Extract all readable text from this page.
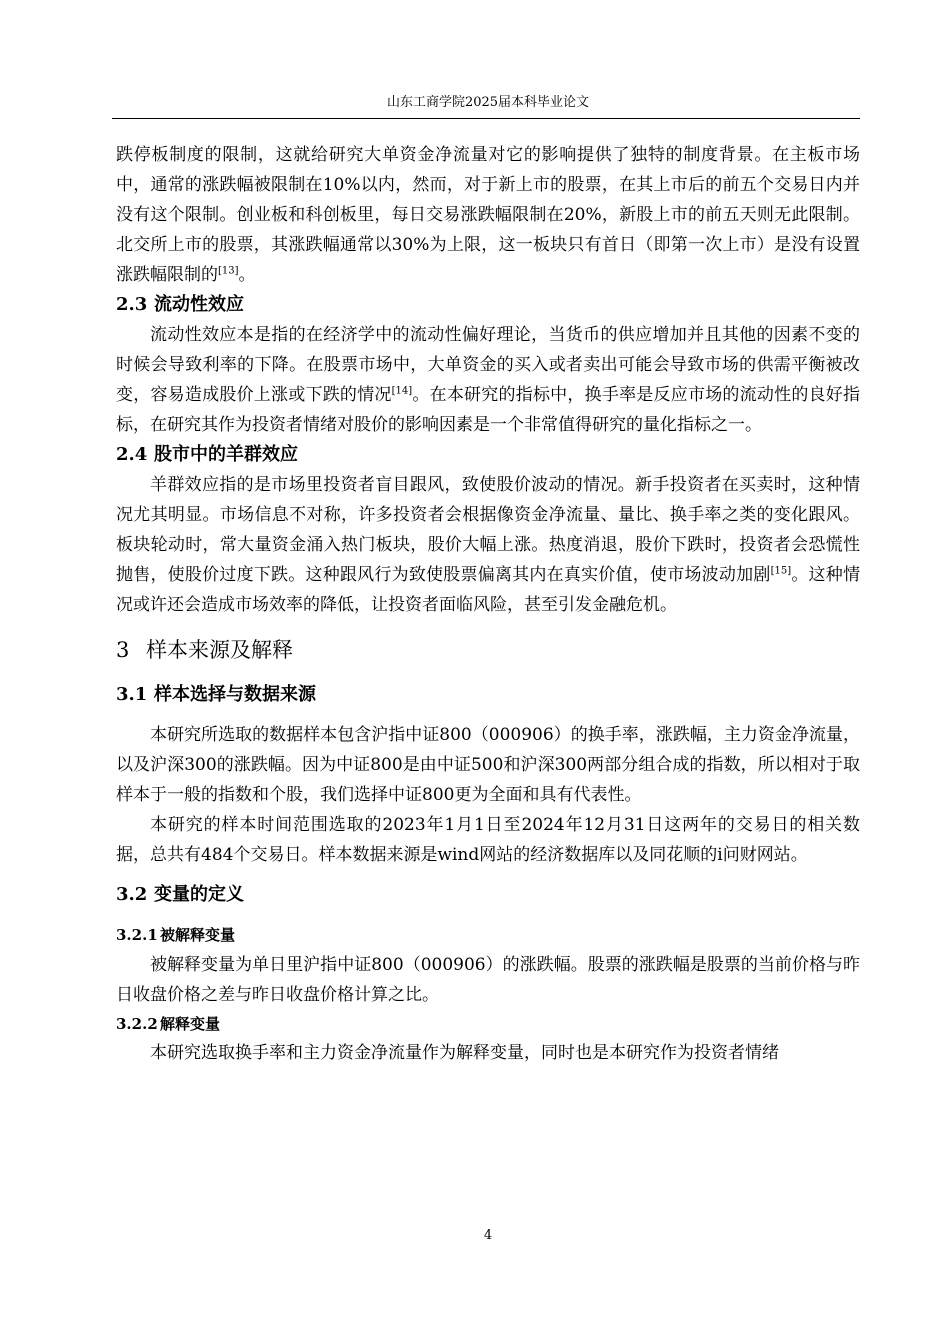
山东工商学院2025届本科毕业论文

跌停板制度的限制，这就给研究大单资金净流量对它的影响提供了独特的制度背景。在主板市场中，通常的涨跌幅被限制在10%以内，然而，对于新上市的股票，在其上市后的前五个交易日内并没有这个限制。创业板和科创板里，每日交易涨跌幅限制在20%，新股上市的前五天则无此限制。北交所上市的股票，其涨跌幅通常以30%为上限，这一板块只有首日（即第一次上市）是没有设置涨跌幅限制的[13]。

2.3 流动性效应

流动性效应本是指的在经济学中的流动性偏好理论，当货币的供应增加并且其他的因素不变的时候会导致利率的下降。在股票市场中，大单资金的买入或者卖出可能会导致市场的供需平衡被改变，容易造成股价上涨或下跌的情况[14]。在本研究的指标中，换手率是反应市场的流动性的良好指标，在研究其作为投资者情绪对股价的影响因素是一个非常值得研究的量化指标之一。

2.4 股市中的羊群效应

羊群效应指的是市场里投资者盲目跟风，致使股价波动的情况。新手投资者在买卖时，这种情况尤其明显。市场信息不对称，许多投资者会根据像资金净流量、量比、换手率之类的变化跟风。板块轮动时，常大量资金涌入热门板块，股价大幅上涨。热度消退，股价下跌时，投资者会恐慌性抛售，使股价过度下跌。这种跟风行为致使股票偏离其内在真实价值，使市场波动加剧[15]。这种情况或许还会造成市场效率的降低，让投资者面临风险，甚至引发金融危机。

3 样本来源及解释
3.1 样本选择与数据来源

本研究所选取的数据样本包含沪指中证800（000906）的换手率，涨跌幅，主力资金净流量，以及沪深300的涨跌幅。因为中证800是由中证500和沪深300两部分组合成的指数，所以相对于取样本于一般的指数和个股，我们选择中证800更为全面和具有代表性。

本研究的样本时间范围选取的2023年1月1日至2024年12月31日这两年的交易日的相关数据，总共有484个交易日。样本数据来源是wind网站的经济数据库以及同花顺的i问财网站。

3.2 变量的定义
3.2.1 被解释变量

被解释变量为单日里沪指中证800（000906）的涨跌幅。股票的涨跌幅是股票的当前价格与昨日收盘价格之差与昨日收盘价格计算之比。

3.2.2 解释变量

本研究选取换手率和主力资金净流量作为解释变量，同时也是本研究作为投资者情绪

4
